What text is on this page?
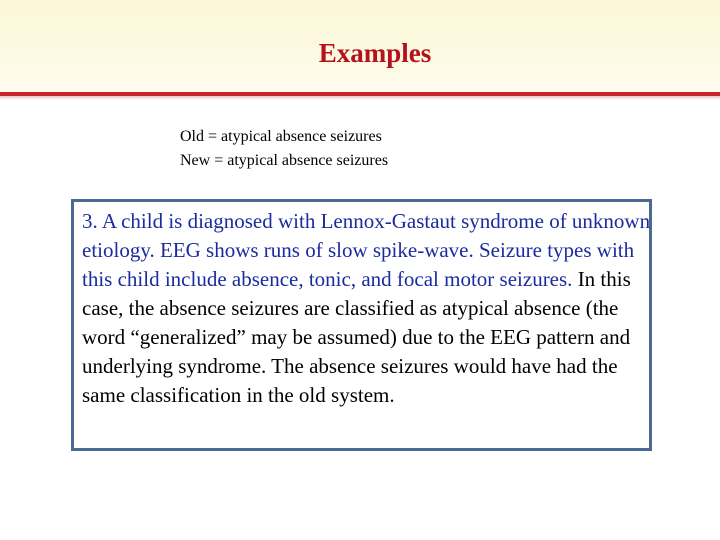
Examples
Old = atypical absence seizures
New = atypical absence seizures
3. A child is diagnosed with Lennox-Gastaut syndrome of unknown etiology. EEG shows runs of slow spike-wave. Seizure types with this child include absence, tonic, and focal motor seizures. In this case, the absence seizures are classified as atypical absence (the word “generalized” may be assumed) due to the EEG pattern and underlying syndrome. The absence seizures would have had the same classification in the old system.
